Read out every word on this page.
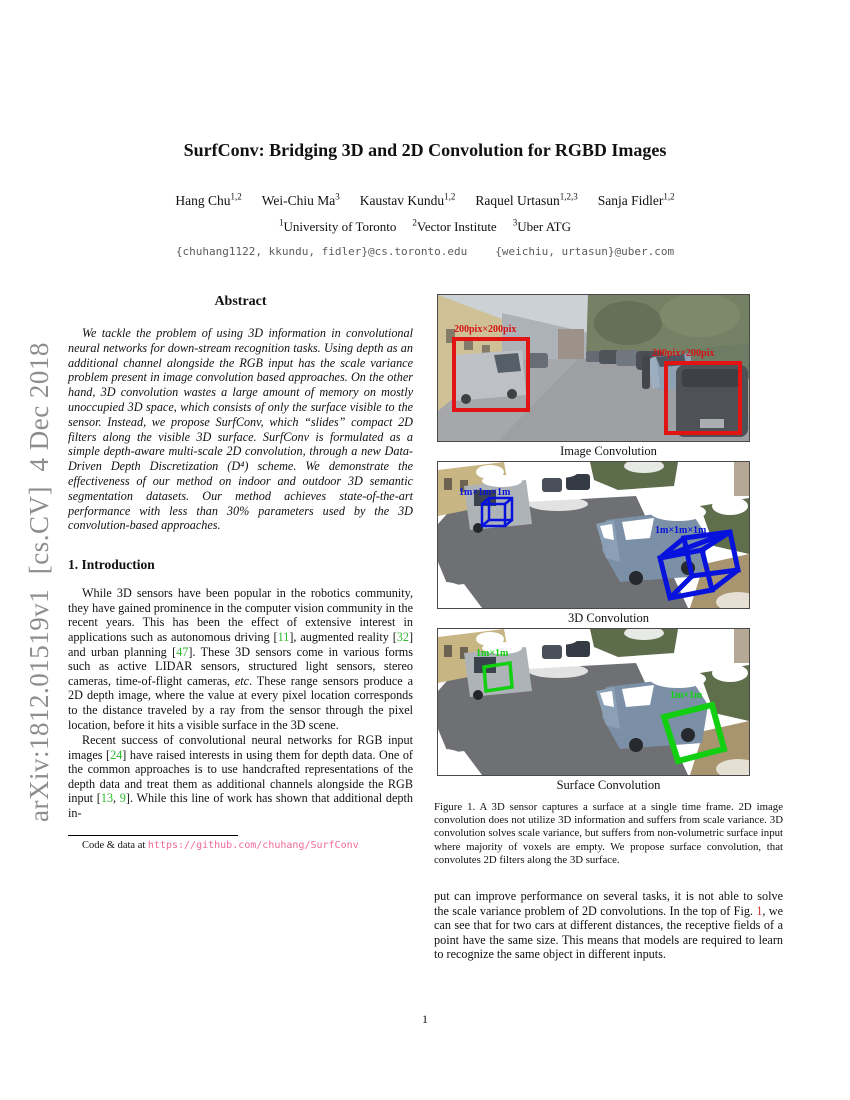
arXiv:1812.01519v1  [cs.CV]  4 Dec 2018
SurfConv: Bridging 3D and 2D Convolution for RGBD Images
Hang Chu$^{1,2}$ Wei-Chiu Ma$^3$ Kaustav Kundu$^{1,2}$ Raquel Urtasun$^{1,2,3}$ Sanja Fidler$^{1,2}$
$^1$University of Toronto $^2$Vector Institute $^3$Uber ATG
{chuhang1122, kkundu, fidler}@cs.toronto.edu	{weichiu, urtasun}@uber.com
Abstract

We tackle the problem of using 3D information in convolutional neural networks for down-stream recognition tasks. Using depth as an additional channel alongside the RGB input has the scale variance problem present in image convolution based approaches. On the other hand, 3D convolution wastes a large amount of memory on mostly unoccupied 3D space, which consists of only the surface visible to the sensor. Instead, we propose SurfConv, which “slides” compact 2D filters along the visible 3D surface. SurfConv is formulated as a simple depth-aware multi-scale 2D convolution, through a new Data-Driven Depth Discretization (D⁴) scheme. We demonstrate the effectiveness of our method on indoor and outdoor 3D semantic segmentation datasets. Our method achieves state-of-the-art performance with less than 30% parameters used by the 3D convolution-based approaches.

1. Introduction

While 3D sensors have been popular in the robotics community, they have gained prominence in the computer vision community in the recent years. This has been the effect of extensive interest in applications such as autonomous driving [11], augmented reality [32] and urban planning [47]. These 3D sensors come in various forms such as active LIDAR sensors, structured light sensors, stereo cameras, time-of-flight cameras, etc. These range sensors produce a 2D depth image, where the value at every pixel location corresponds to the distance traveled by a ray from the sensor through the pixel location, before it hits a visible surface in the 3D scene.

Recent success of convolutional neural networks for RGB input images [24] have raised interests in using them for depth data. One of the common approaches is to use handcrafted representations of the depth data and treat them as additional channels alongside the RGB input [13, 9]. While this line of work has shown that additional depth in-

Code & data at https://github.com/chuhang/SurfConv
200pix×200pix
200pix×200pix
Image Convolution
1m×1m×1m
1m×1m×1m
3D Convolution
1m×1m
1m×1m
Surface Convolution
Figure 1. A 3D sensor captures a surface at a single time frame. 2D image convolution does not utilize 3D information and suffers from scale variance. 3D convolution solves scale variance, but suffers from non-volumetric surface input where majority of voxels are empty. We propose surface convolution, that convolutes 2D filters along the 3D surface.

put can improve performance on several tasks, it is not able to solve the scale variance problem of 2D convolutions. In the top of Fig. 1, we can see that for two cars at different distances, the receptive fields of a point have the same size. This means that models are required to learn to recognize the same object in different inputs.

1
